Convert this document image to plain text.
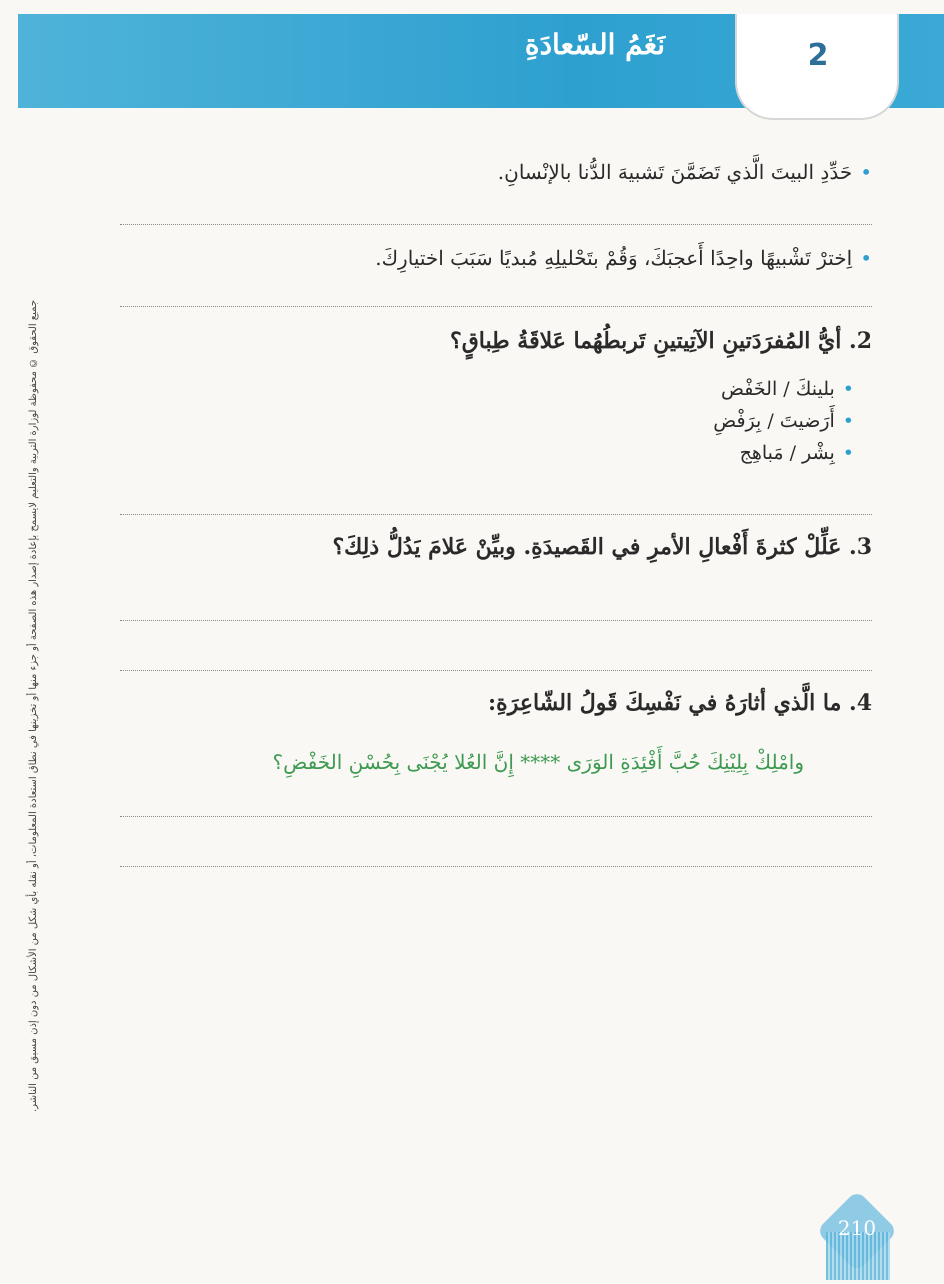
2
نَغَمُ السّعادَةِ
جميع الحقوق © محفوظة لوزارة التربية والتعليم لايسمح بإعادة إصدار هذه الصفحة أو جزء منها أو تخزينها في نطاق استعادة المعلومات، أو نقله بأي شكل من الأشكال من دون إذن مسبق من الناشر.
•حَدِّدِ البيتَ الَّذي تَضَمَّنَ تَشبيهَ الدُّنا بالإنْسانِ.
•اِخترْ تَشْبيهًا واحِدًا أَعجبَكَ، وَقُمْ بتَحْليلِهِ مُبديًا سَبَبَ اختيارِكَ.
2. أيُّ المُفرَدَتينِ الآتِيتينِ تَربطُهُما عَلاقَةُ طِباقٍ؟
•بلينكَ / الخَفْض
•أَرَضيتَ / بِرَفْضِ
•بِشْر / مَباهِج
3. عَلِّلْ كثرةَ أَفْعالِ الأمرِ في القَصيدَةِ. وبيِّنْ عَلامَ يَدُلُّ ذلِكَ؟
4. ما الَّذي أثارَهُ في نَفْسِكَ قَولُ الشّاعِرَةِ:
وامْلِكْ بِلِيْنِكَ حُبَّ أَفْئِدَةِ الوَرَى **** إِنَّ العُلا يُجْنَى بِحُسْنِ الخَفْضِ؟
210
